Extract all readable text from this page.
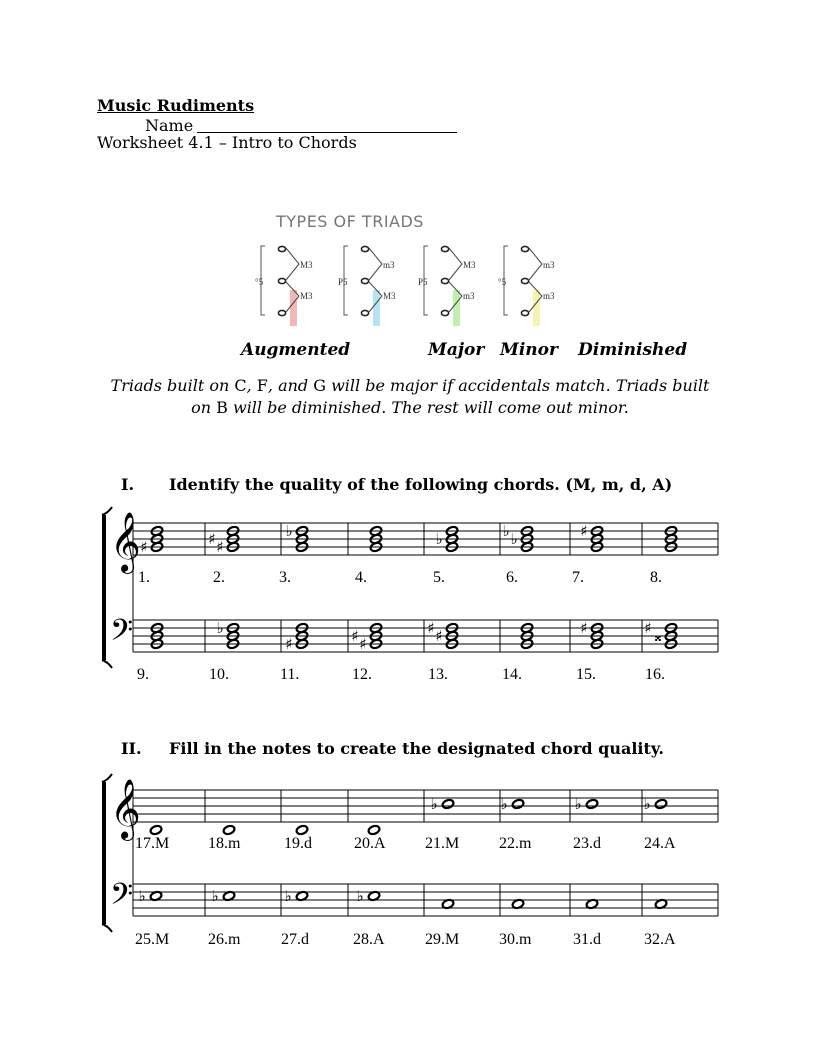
Music Rudiments
Name
Worksheet 4.1 – Intro to Chords
TYPES OF TRIADS
°5
M3
M3
P5
m3
M3
P5
M3
m3
°5
m3
m3
Augmented	Major Minor Diminished
Triads built on C, F, and G will be major if accidentals match. Triads built
on B will be diminished. The rest will come out minor.
I. Identify the quality of the following chords. (M, m, d, A)
II. Fill in the notes to create the designated chord quality.
𝄞
𝄢
♯	♯
♯	♭	♭	♭
♭	♯
♭
♯	♯
♯	♯
♯	♯	𝄪
♯
𝄞
𝄢
♭	♭	♭	♭
♭	♭	♭	♭
1.	2.	3.	4.	5.	6.	7.	8.
9.	10.	11.	12.	13.	14.	15.	16.
17.M 18.m	19.d	20.A 21.M 22.m	23.d	24.A
25.M 26.m	27.d	28.A	29.M 30.m	31.d	32.A
